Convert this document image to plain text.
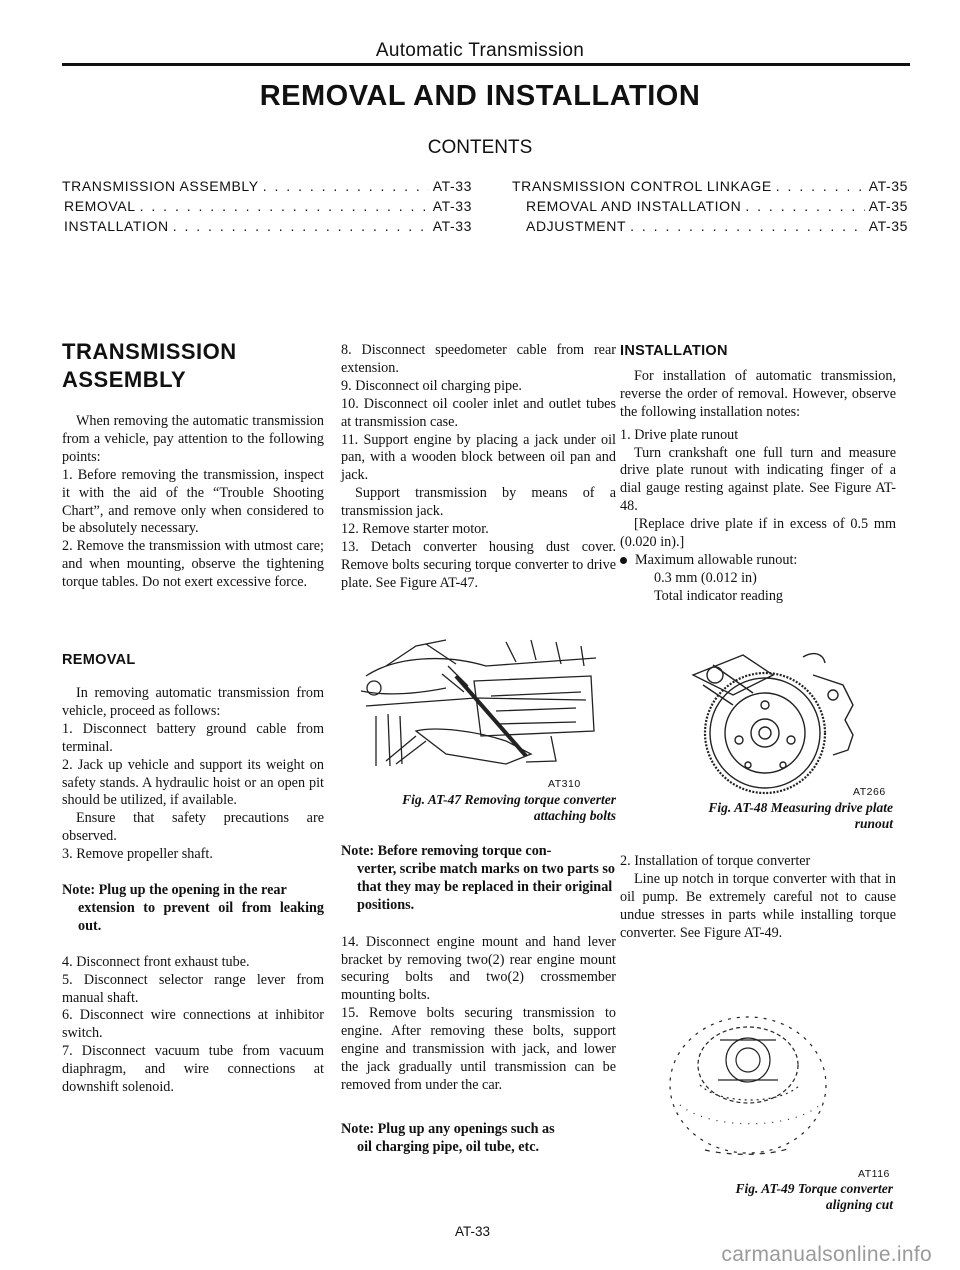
Automatic Transmission
REMOVAL AND INSTALLATION
CONTENTS
TRANSMISSION ASSEMBLY . . .	AT-33
REMOVAL . . .	AT-33
INSTALLATION . . .	AT-33
TRANSMISSION CONTROL LINKAGE . . .	AT-35
REMOVAL AND INSTALLATION . . .	AT-35
ADJUSTMENT . . .	AT-35
TRANSMISSION
ASSEMBLY

When removing the automatic transmission from a vehicle, pay attention to the following points:

1. Before removing the transmission, inspect it with the aid of the “Trouble Shooting Chart”, and remove only when considered to be absolutely necessary.

2. Remove the transmission with utmost care; and when mounting, observe the tightening torque tables. Do not exert excessive force.

REMOVAL

In removing automatic transmission from vehicle, proceed as follows:

1. Disconnect battery ground cable from terminal.

2. Jack up vehicle and support its weight on safety stands. A hydraulic hoist or an open pit should be utilized, if available.

Ensure that safety precautions are observed.

3. Remove propeller shaft.

Note: Plug up the opening in the rear

extension to prevent oil from leaking out.

4. Disconnect front exhaust tube.

5. Disconnect selector range lever from manual shaft.

6. Disconnect wire connections at inhibitor switch.

7. Disconnect vacuum tube from vacuum diaphragm, and wire connections at downshift solenoid.

8. Disconnect speedometer cable from rear extension.

9. Disconnect oil charging pipe.

10. Disconnect oil cooler inlet and outlet tubes at transmission case.

11. Support engine by placing a jack under oil pan, with a wooden block between oil pan and jack.

Support transmission by means of a transmission jack.

12. Remove starter motor.

13. Detach converter housing dust cover. Remove bolts securing torque converter to drive plate. See Figure AT-47.

AT310
Fig. AT-47 Removing torque converter
attaching bolts

Note: Before removing torque con-

verter, scribe match marks on two parts so that they may be replaced in their original positions.

14. Disconnect engine mount and hand lever bracket by removing two(2) rear engine mount securing bolts and two(2) crossmember mounting bolts.

15. Remove bolts securing transmission to engine. After removing these bolts, support engine and transmission with jack, and lower the jack gradually until transmission can be removed from under the car.

Note: Plug up any openings such as

oil charging pipe, oil tube, etc.

AT-33
INSTALLATION

For installation of automatic transmission, reverse the order of removal. However, observe the following installation notes:

1. Drive plate runout

Turn crankshaft one full turn and measure drive plate runout with indicating finger of a dial gauge resting against plate. See Figure AT-48.

[Replace drive plate if in excess of 0.5 mm (0.020 in).]

Maximum allowable runout:

0.3 mm (0.012 in)

Total indicator reading

AT266
Fig. AT-48 Measuring drive plate
runout

2. Installation of torque converter

Line up notch in torque converter with that in oil pump. Be extremely careful not to cause undue stresses in parts while installing torque converter. See Figure AT-49.

AT116
Fig. AT-49 Torque converter
aligning cut
carmanualsonline.info
